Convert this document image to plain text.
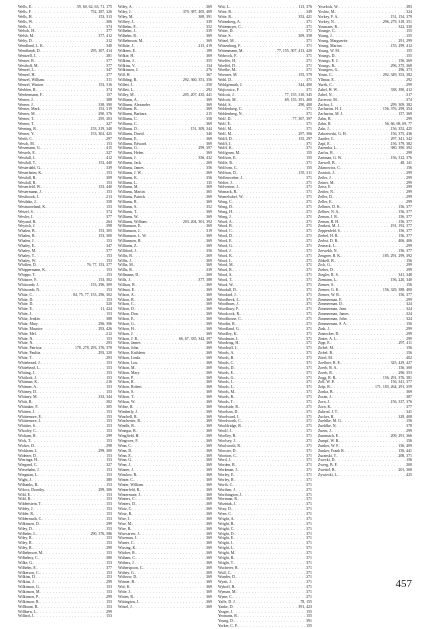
Wells, E. . . .	59, 60, 62, 63, 71, 175
Wells, F. . . .	752, 287, 326
Wells, H. . . .	153, 313
Wells, W. . . .	306
Wells, J. . . .	374
Welsch, H. . . .	377
Welsh, M. . . .	377, 412
Welty, D. . . .	312
Wendland, L. K. . . .	340
Wendlandt, D. . . .	295, 307, 414
Wentzell, J. . . .	381
Werner, B. . . .	377
Westhoff, M. . . .	377
Wenzel, L. . . .	347
Wenzel, H. . . .	377
Wenzel, William . . .	311
Wenzel, Winton . . .	153, 316
Werblen, R. . . .	374
Werdermann, F. . . .	157
Werner, J. . . .	388
Werner, J. . . .	338, 390
Werner, Mark . . .	153, 319
Werner, M. . . .	290, 376
Werner, T. . . .	295, 303
Werner, T. . . .	327
Werning, R. . . .	153, 319, 340
Werner, Y. . . .	153, 302, 425
Werth, C. . . .	297
Wesch, M. . . .	153
Wesemann, G. . . .	415
Wessels, E. . . .	327
Westfall, J. . . .	412
Westfall, T. . . .	153, 440
Westerdahl, G. . . .	339
Westerheim, K. . . .	153
Westfall, R. . . .	309
Westfall, R. . . .	153
Westerfeld, W. . . .	153, 440
Westermann, J. . . .	153
Westbrook, J. . . .	213
Westlake, J. . . .	358
Westmoreland, K. . . .	153
Wetzel, S. . . .	374
Wexler, J. . . .	377
Weyand, R. . . .	264
Weyrich, J. . . .	398
Whalen, B. . . .	153, 305
Whalen, R. . . .	153, 300
Whalen, J. . . .	153
Whaley, E. . . .	347
Whaley, M. . . .	377
Whaley, T. . . .	153
Whaley, W. . . .	153
Whiffen, D. . . .	76, 77, 153, 377
Whippermann, K. . . .	153
Whippo, T. . . .	153
Whitacre, F. . . .	153, 302
Whitcomb, J. . . .	153, 296, 309
Whitcomb, N. . . .	153
White, C. . . .	84, 75, 77, 153, 296, 302
White, D. . . .	153
White, D. . . .	320
White, E. . . .	11, 424
White, J. . . .	153
White, Jenkin . . .	388
White, Mary . . .	296, 306
White, Maurice . . .	293, 426
White, Mel . . .	212
White, N. . . .	153
White, N. . . .	293
White, Patricia . . .	178, 278, 293, 376, 378
White, Paulita . . .	293, 320
White, T. . . .	293
Whitebread, J. . . .	153
Whitehead, L. . . .	153
Whiting, J. . . .	153
Whitlock, J. . . .	153
Whitman, K. . . .	216
Whitmer, A. . . .	153
Whitney, D. . . .	153
Whitney, M. . . .	333, 344
Whitt, R. . . .	302
Whittaker, F. . . .	305
Whitten, J. . . .	153
Whittemore, E. . . .	153
Whittemore, J. . . .	153
Whittier, S. . . .	153
Whorley, C. . . .	153
Wickam, R. . . .	299
Wick, T. . . .	153
Wicker, D. . . .	298
Wickham, J. . . .	299, 300
Widener, D. . . .	153
Wieringa, H. . . .	153
Wiegand, C. . . .	327
Wiesehahn, J. . . .	153
Wiegman, L. . . .	153
Wight, J. . . .	380
Wilbanks, R. . . .	153
Wilcox, Dorothy . . .	299, 306
Wild, E. . . .	153
Wild, R. . . .	153
Wildenstein, T. . . .	153
Wildey, J. . . .	153
Wilder, R. . . .	153
Wildermuth, C. . . .	153
Wilkinson, D. . . .	299
Wiley, D. . . .	153
Wilhelm, L. . . .	290, 376, 386
Wiley, R. . . .	153
Wiley, R. . . .	153
Wiley, R. . . .	299
Wilhelmson, M. . . .	153
Wilhelmy, C. . . .	380
Wilke, G. . . .	153
Wilhelm, E. . . .	377
Wilkerson, C. . . .	153
Wilkins, D. . . .	153
Wilkins, J. . . .	299
Wilkinson, G. . . .	153
Wilkinson, M. . . .	153
Wilkinson, P. . . .	299
Wilkinson, R. . . .	153
Willbrant, R. . . .	153
Willbern, L. . . .	299
Willard, J. . . .	153
Wiley, A. . . .	369
Wiley, J. . . .	370, 387, 405, 409
Wiley, M. . . .	369, 391
Wilfrey, J. . . .	339
Wilhelm, E. . . .	352
Wilhelm, J. . . .	339
Wilhelm, R. . . .	369
Wilhelmson, M. . . .	369
Wilhite, J. . . .	215, 419
Wilkens, E. . . .	189
Wilkie, H. . . .	369
Wilkins, J. . . .	355
Wilkins, V. . . .	134
Wilkinson, J. . . .	276
Will, H. . . .	367
Willding, R. . . .	292, 360, 351, 356
Willett, J. . . .	350
Willett, L. . . .	292
Willey, M. . . .	205, 207, 435, 441
Williams, A. . . .	369
Williams, Alexander . . .	369
Williams, B. . . .	369
Williams, Barbara . . .	215
Williams, C. . . .	358
Williams, C. . . .	369
Williams, D. . . .	151, 309, 344
Williams, David . . .	340
Williams, E. . . .	369
Williams, Edward . . .	369
Williams, G. . . .	299, 397
Williams, Helen . . .	369
Williams, J. . . .	356, 432
Williams, Jack . . .	269
Williams, James . . .	356
Williams, J. W. . . .	369
Williams, K. . . .	356
Williams, L. . . .	135
Williams, M. . . .	369
Williams, Martin . . .	365
Williams, Patrick . . .	369
Williams, R. . . .	369
Williams, S. . . .	352
Williams, T. . . .	369
Williams, W. . . .	369
Williams, William . . .	203, 204, 301, 392
Williamson, E. . . .	369
Williamson, J. . . .	319
Williamson, L. W. . . .	369
Williamson, R. . . .	369
Williams, Z. . . .	369
Williford, J. . . .	356
Willis, B. . . .	369
Willis, J. . . .	369
Willis, M. . . .	369
Willis, R. . . .	339
Willmann, D. . . .	369
Wills, J. . . .	377, 388
Willson, R. . . .	369
Wilmot, E. . . .	369
Wilson, A. . . .	369
Wilson, B. . . .	369
Wilson, C. . . .	369
Wilson, D. . . .	369
Wilson, Don . . .	369
Wilson, E. . . .	369
Wilson, G. . . .	369
Wilson, H. . . .	369
Wilson, J. . . .	369
Wilson, J. R. . . .	66, 67, 335, 342, 397
Wilson, James . . .	369
Wilson, John . . .	369
Wilson, Kathleen . . .	369
Wilson, Linda . . .	369
Wilson, Lou . . .	369
Wilson, M. . . .	369
Wilson, Mary . . .	369
Wilson, P. . . .	369
Wilson, R. . . .	369
Wilson, Robert . . .	369
Wilson, S. . . .	369
Wilson, T. . . .	369
Wilson, W. . . .	369
Wiltse, R. . . .	369
Wimberly, J. . . .	369
Winchell, R. . . .	369
Winchester, R. . . .	369
Windle, R. . . .	369
Winegar, B. . . .	369
Wingfield, H. . . .	369
Wingrove, F. . . .	369
Winn, C. . . .	369
Winn, D. . . .	369
Winn, E. . . .	369
Winn, G. . . .	369
Winn, J. . . .	369
Winner, J. . . .	369
Winslow, R. . . .	369
Winter, C. . . .	369
Winter, William . . .	369
Winterfeld, R. . . .	369
Wintermute, J. . . .	369
Winters, C. . . .	369
Winters, D. . . .	369
Wirtz, C. . . .	369
Wirtz, R. . . .	369
Wise, J. . . .	369
Wise, M. . . .	369
Wise, R. . . .	369
Wisecarver, J. . . .	369
Wiseman, J. . . .	369
Wisner, C. . . .	369
Wissing, K. . . .	369
Witcher, R. . . .	369
Witham, C. . . .	369
Withers, J. . . .	369
Witherspoon, C. . . .	369
Withey, G. . . .	369
Withrow, D. . . .	369
Witmer, B. . . .	369
Witt, K. . . .	369
Witte, J. . . .	369
Witten, R. . . .	369
Wittington, J. . . .	369
Witzel, J. . . .	369
Witt, L. . . .	113, 376
Witte, R. . . .	349
Witte, R. . . .	353, 421
Wittenberg, A. . . .	371
Wittenmyer, C. . . .	371
Witter, D. . . .	371
Witte, S. . . .	309, 358
Witzel, M. . . .	371
Witzenburg, F. . . .	371
Wittenmann, M. . . .	77, 155, 307, 413, 420
Wobrock, F. . . .	371
Woelfer, H. . . .	371
Woelfel, D. . . .	371
Woelke, M. . . .	371
Woerner, M. . . .	155, 379
Wohl, D. . . .	371
Wohlgemuth, J. . . .	344, 400
Wojtowicz, F. . . .	371
Wolcott, J. . . .	77, 155, 310, 345
Wolcott, M. . . .	69, 155, 391, 400
Wold, S. . . .	290, 400
Woldenberg, C. . . .	371
Woldenberg, N. . . .	371
Wolf, D. . . .	77, 307, 397
Wolf, E. . . .	371
Wolf, M. . . .	371
Wolf, M. . . .	297, 306
Wolff, D. . . .	155, 297
Wolff, J. . . .	371
Wolff, K. . . .	371
Wolfgram, M. . . .	155
Wolfson, E. . . .	155
Wolfe, R. . . .	371
Wolfrom, C. . . .	155
Wolfson, D. . . .	155, 311
Wollenweber, J. . . .	371
Wolter, J. . . .	371
Wolverton, J. . . .	371
Womack, R. . . .	371
Womelsdorf, W. . . .	371
Wong, C. . . .	371
Wong, D. . . .	371
Wong, H. . . .	371
Wong, J. . . .	371
Wood, A. . . .	371
Wood, B. . . .	371
Wood, C. . . .	371
Wood, D. . . .	371
Wood, E. . . .	371
Wood, G. . . .	371
Wood, J. . . .	371
Wood, K. . . .	371
Wood, L. . . .	371
Wood, M. . . .	371
Wood, R. . . .	371
Wood, S. . . .	371
Wood, T. . . .	371
Wood, W. . . .	371
Woodall, D. . . .	371
Woodard, J. . . .	371
Woodbeck, L. . . .	371
Woodburn, J. . . .	371
Woodbury, F. . . .	371
Woodcock, R. . . .	371
Woodhouse, C. . . .	371
Woodin, R. . . .	371
Woodland, G. . . .	371
Woodley, K. . . .	371
Woodman, J. . . .	371
Woodring, H. . . .	371
Woodruff, J. . . .	371
Woods, A. . . .	371
Woods, B. . . .	371
Woods, C. . . .	371
Woods, D. . . .	371
Woods, E. . . .	371
Woods, G. . . .	371
Woods, J. . . .	371
Woods, L. . . .	371
Woods, M. . . .	371
Woods, R. . . .	371
Woods, T. . . .	371
Woodside, R. . . .	371
Woodson, D. . . .	371
Woodward, J. . . .	371
Woodworth, C. . . .	371
Wooldridge, R. . . .	371
Woolf, J. . . .	371
Woolley, B. . . .	371
Woolsey, J. . . .	371
Woolworth, R. . . .	371
Wooster, D. . . .	371
Wootton, C. . . .	371
Word, J. . . .	371
Worden, R. . . .	371
Workman, J. . . .	371
Worley, E. . . .	371
Worley, R. . . .	371
Worth, C. . . .	371
Worthen, J. . . .	371
Worthington, J. . . .	371
Wortman, R. . . .	371
Wozniak, J. . . .	371
Wray, D. . . .	371
Wren, C. . . .	371
Wright, A. . . .	371
Wright, B. . . .	371
Wright, C. . . .	371
Wright, D. . . .	371
Wright, E. . . .	371
Wright, J. . . .	371
Wright, L. . . .	371
Wright, M. . . .	371
Wright, R. . . .	371
Wright, T. . . .	371
Wucherer, R. . . .	371
Wulf, C. . . .	371
Wunder, D. . . .	371
Wyatt, J. . . .	371
Wykoff, R. . . .	371
Wyman, M. . . .	371
Wynn, C. . . .	371
Yaffe, D. J. . . .	78, 155
Yanke, D. . . .	391, 423
Yeager, J. . . .	155
Yeomans, R. . . .	155
Young, D. . . .	391
Yorker, C. F. . . .	155
Yoselock, W. . . .	383
Yoshio, M. . . .	324
Yorkey, F. A. . . .	151, 154, 379
Yorkey, N. . . .	296, 279, 318, 351
Youmans, R. . . .	322, 330
Younge, C. . . .	155
Young, J. . . .	155
Young, Marguerite . . .	291, 299
Young, Marion . . .	155, 299, 412
Young, W. M. . . .	155
Youngs, D. . . .	155
Youngs, E. J. . . .	156, 369
Youngs, R. . . .	296, 375, 368
Youngers, G. . . .	296, 373
Yount, C. . . .	292, 349, 353, 382
Yllmaz, E. . . .	292
Yurek, C. . . .	299
Zabel, H. W. . . .	338, 390, 412
Zabel, N. . . .	317
Zacerow, M. . . .	374
Zachor, J. . . .	299, 309, 382
Zacharias, H. J. . . .	156, 376, 299, 354
Zacharias, M. J. . . .	157, 369
Zahn, R. . . .	299
Zahn, R. . . .	56, 66, 68, 69, 77
Zahr, J. . . .	156, 352, 425
Zakrzewski, G. H. . . .	156, 375, 436
Zander, C. . . .	297, 341, 342
Zapf, E. . . .	156, 379, 382
Zaremba, L. . . .	380, 390, 392
Zarfos, R. . . .	299
Zartman, G. W. . . .	156, 312, 376
Zarwell, B. . . .	48, 141
Zdanowicz, C. . . .	156
Zeariott, J. . . .	299
Zeiler, J. . . .	299
Zeiner, M. . . .	299
Zeiss, E. . . .	299
Zeitler, N. . . .	299
Zeller, D. . . .	299
Zeller, E. . . .	299
Zellmer, D. K. . . .	156, 377
Zellner, N. A. . . .	156, 377
Zeman, J. R. . . .	156, 377
Zeman, R. H. . . .	156, 377
Zenkert, M. J. . . .	191, 192, 377
Zeppenfeld, S. . . .	156, 377
Zerbel, H. R. . . .	156, 377
Zerbst, D. R. . . .	406, 406
Zernack, L. . . .	299
Zerwekh, N. . . .	156, 377
Zeugner, R. K. . . .	185, 291, 299, 392
Zibbell, B. . . .	156
Zick, G. . . .	299
Zieber, D. . . .	299
Ziegler, R. S. . . .	341, 348
Ziemann, L. . . .	156, 220, 340
Ziemer, S. . . .	156
Ziemer, G. K. . . .	156, 329, 388, 400
Ziemer, W. R. . . .	156, 377
Zimmerman, E. . . .	299
Zimmerman, D. . . .	324
Zimmerman, Jean . . .	324
Zimmerman, James . . .	324
Zimmerman, John . . .	324
Zimmerman, S. A. . . .	156
Zink, J. . . .	299
Zinnecker, D. . . .	299
Zinter, A. L. . . .	299
Zipp, E. . . .	297, 411
Zirbel, M. . . .	156
Zirbel, R. . . .	156
Zittel, M. . . .	402
Zoellner, R. E. . . .	325, 429, 427
Zoerb, R. A. . . .	156, 300
Zoerb, R. . . .	296, 353
Zogg, R. R. . . .	156, 291, 376, 381
Zoll, W. P. . . .	156, 341, 377
Zolp, R. . . .	171, 183, 264, 291, 359
Zonka, B. . . .	369
Zoran, J. . . .	387
Zorn, J. . . .	156, 337, 376
Zorn, K. . . .	377
Zubrod, J. T. . . .	341
Zucker, R. . . .	329, 408
Zuehlke, M. G. . . .	156
Zuehlke, N. . . .	378
Zuern, J. . . .	299
Zummach, E. . . .	209, 291, 366
Zumpf, W. R. . . .	156
Zunker, W. F. . . .	156, 409
Zunker, Frank R. . . .	156, 441
Zuranski, T. . . .	208, 371
Zwecki, D. . . .	156
Zwerg, B. F. . . .	200
Zwettel, R. . . .	201, 368
Zywiecki, L. . . .	425
457
